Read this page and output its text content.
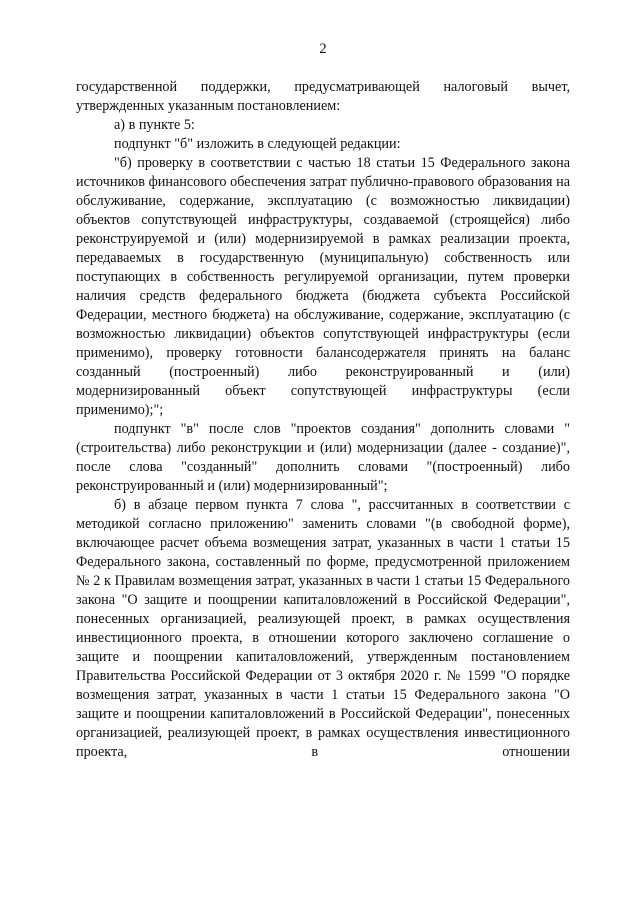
2

государственной поддержки, предусматривающей налоговый вычет, утвержденных указанным постановлением:

а) в пункте 5:

подпункт "б" изложить в следующей редакции:

"б) проверку в соответствии с частью 18 статьи 15 Федерального закона источников финансового обеспечения затрат публично-правового образования на обслуживание, содержание, эксплуатацию (с возможностью ликвидации) объектов сопутствующей инфраструктуры, создаваемой (строящейся) либо реконструируемой и (или) модернизируемой в рамках реализации проекта, передаваемых в государственную (муниципальную) собственность или поступающих в собственность регулируемой организации, путем проверки наличия средств федерального бюджета (бюджета субъекта Российской Федерации, местного бюджета) на обслуживание, содержание, эксплуатацию (с возможностью ликвидации) объектов сопутствующей инфраструктуры (если применимо), проверку готовности балансодержателя принять на баланс созданный (построенный) либо реконструированный и (или) модернизированный объект сопутствующей инфраструктуры (если применимо);";

подпункт "в" после слов "проектов создания" дополнить словами "(строительства) либо реконструкции и (или) модернизации (далее - создание)", после слова "созданный" дополнить словами "(построенный) либо реконструированный и (или) модернизированный";

б) в абзаце первом пункта 7 слова ", рассчитанных в соответствии с методикой согласно приложению" заменить словами "(в свободной форме), включающее расчет объема возмещения затрат, указанных в части 1 статьи 15 Федерального закона, составленный по форме, предусмотренной приложением № 2 к Правилам возмещения затрат, указанных в части 1 статьи 15 Федерального закона "О защите и поощрении капиталовложений в Российской Федерации", понесенных организацией, реализующей проект, в рамках осуществления инвестиционного проекта, в отношении которого заключено соглашение о защите и поощрении капиталовложений, утвержденным постановлением Правительства Российской Федерации от 3 октября 2020 г. № 1599 "О порядке возмещения затрат, указанных в части 1 статьи 15 Федерального закона "О защите и поощрении капиталовложений в Российской Федерации", понесенных организацией, реализующей проект, в рамках осуществления инвестиционного проекта, в отношении
